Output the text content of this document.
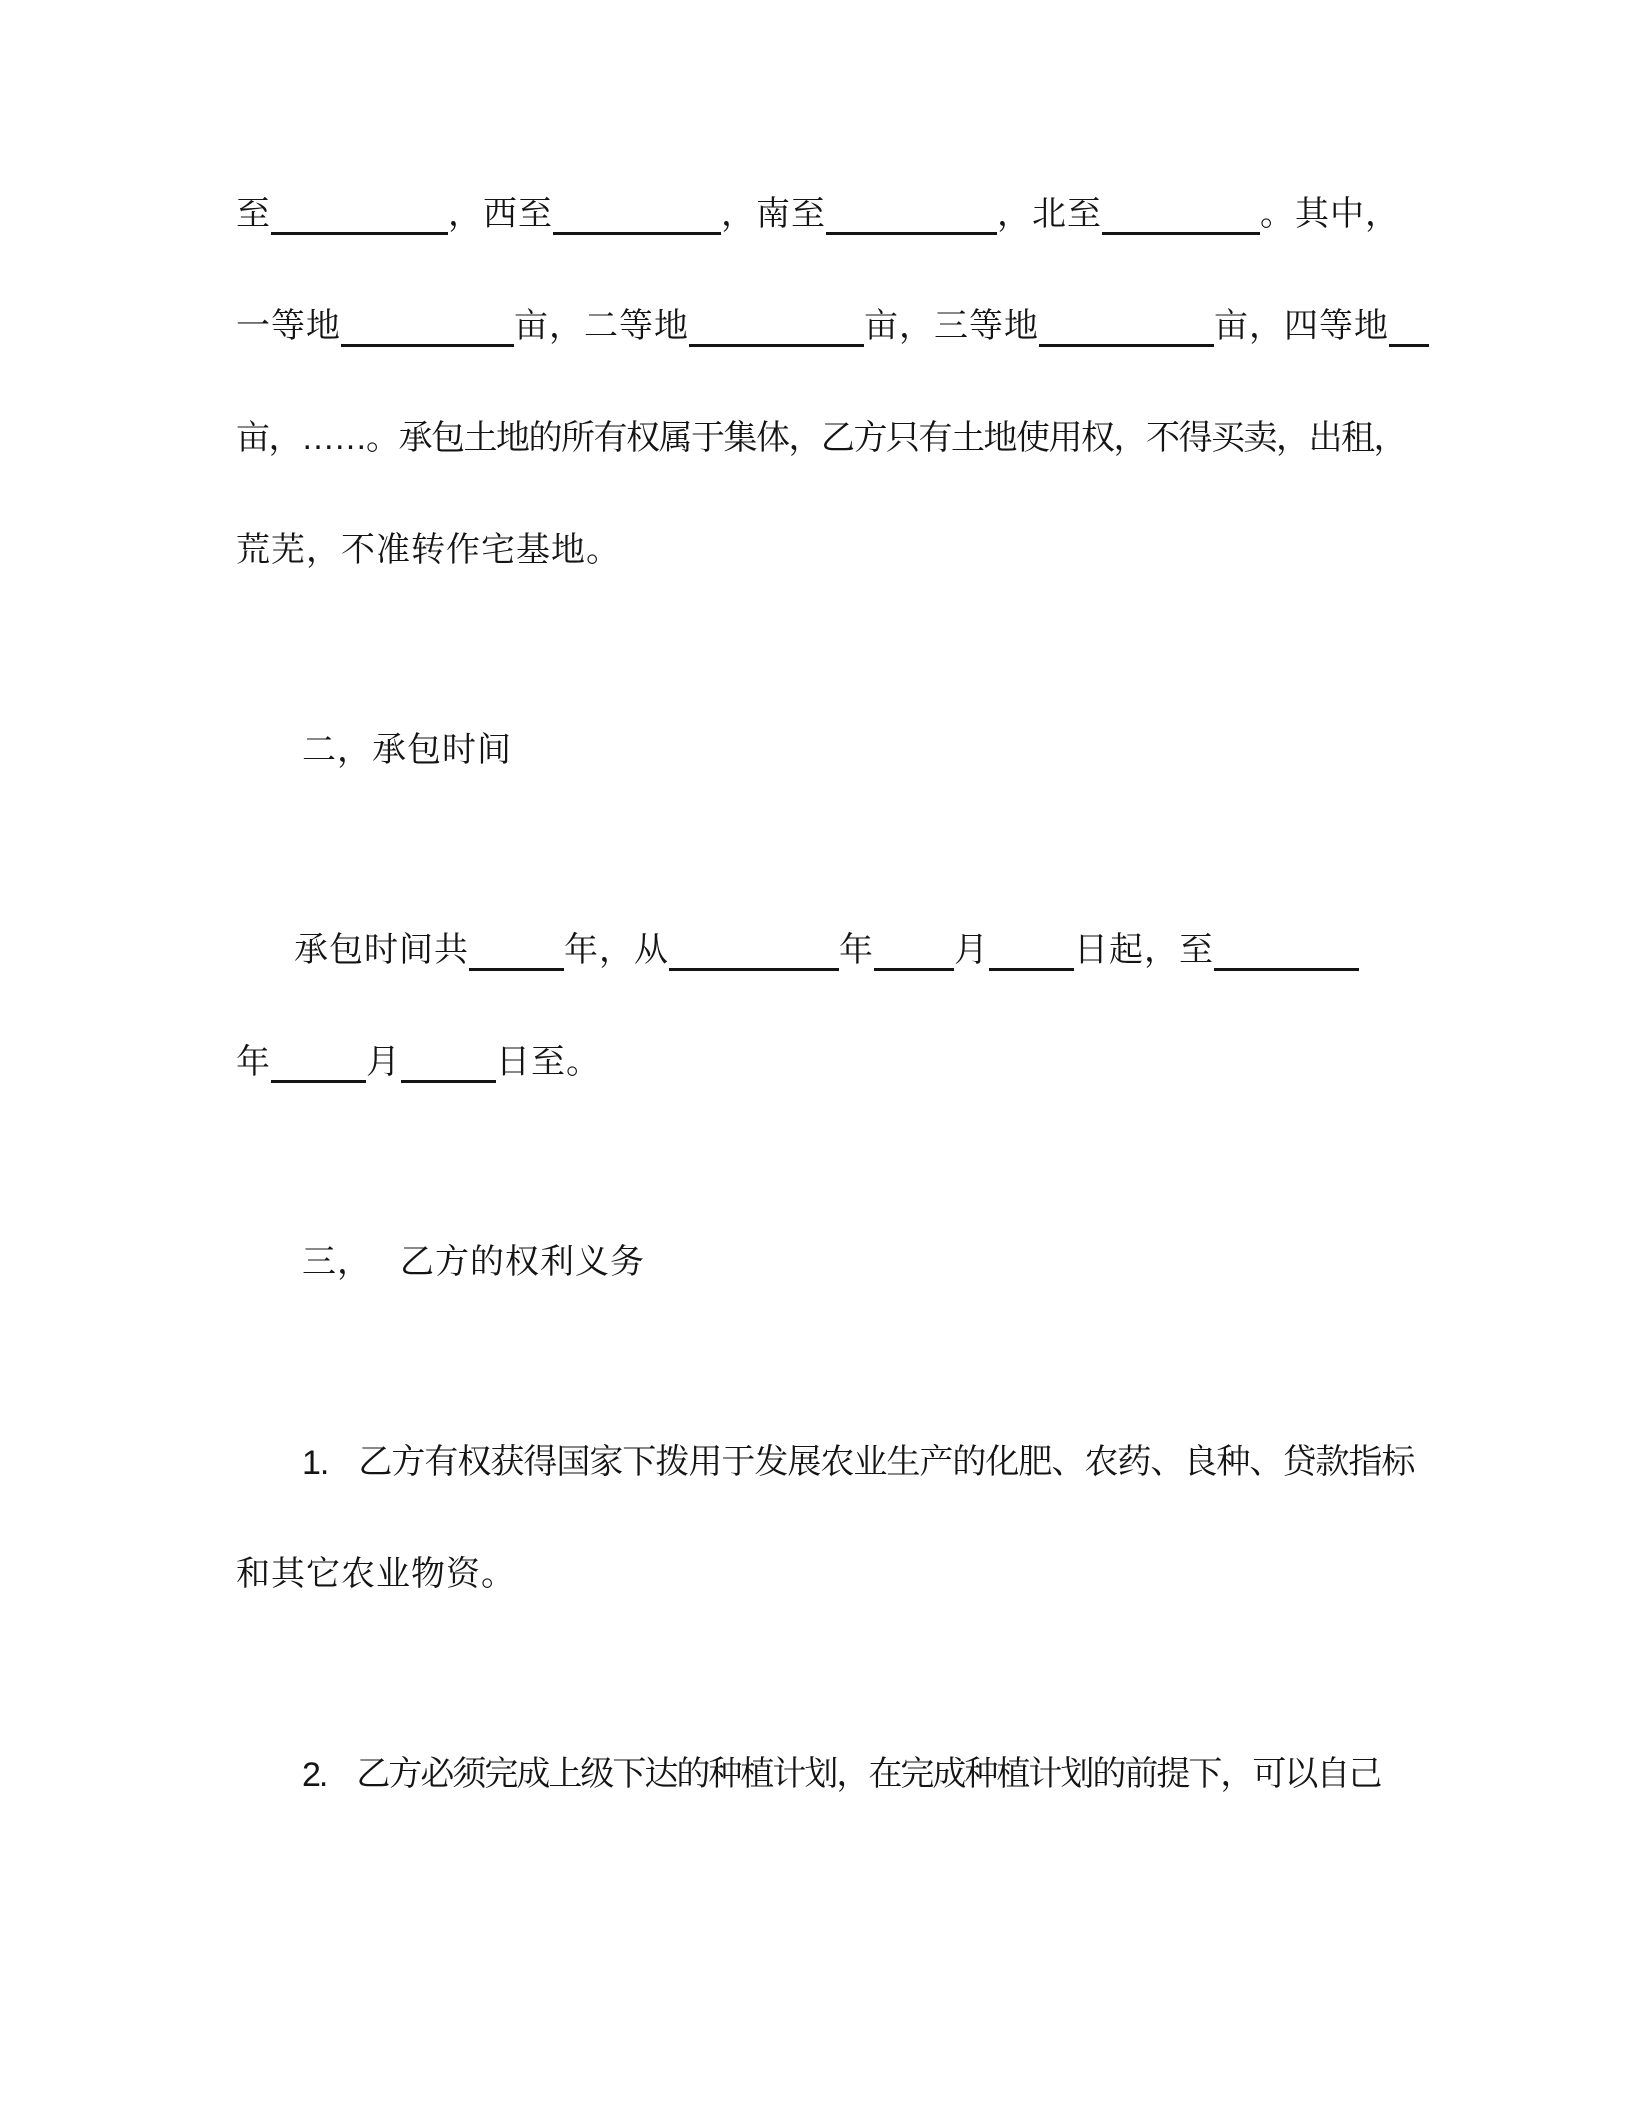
至	，西至	，南至	，北至	。其中，
一等地	亩，二等地	亩，三等地	亩，四等地
亩，……。承包土地的所有权属于集体，乙方只有土地使用权，不得买卖，出租，
荒芜，不准转作宅基地。
二，承包时间
承包时间共	年，从	年 月	日起，至
年	月	日至。
三， 乙方的权利义务
1. 乙方有权获得国家下拨用于发展农业生产的化肥、农药、良种、贷款指标
和其它农业物资。
2. 乙方必须完成上级下达的种植计划，在完成种植计划的前提下，可以自己
